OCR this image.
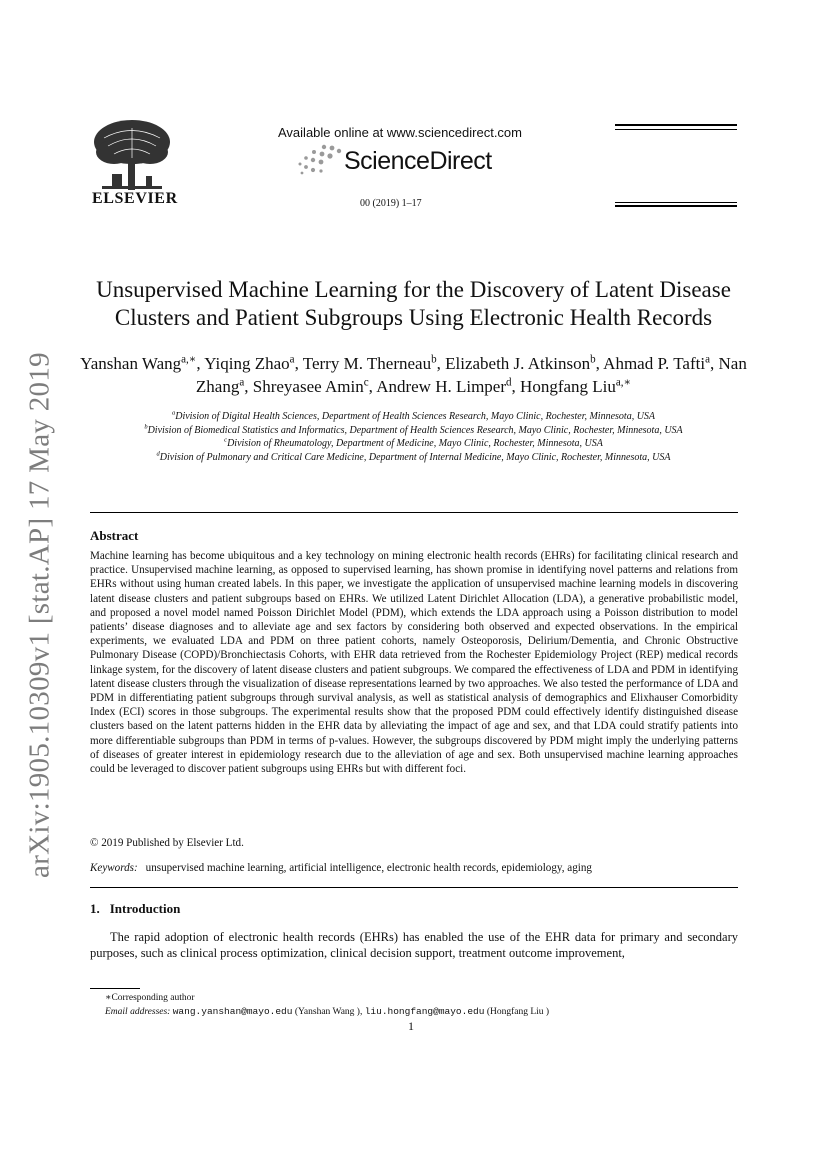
arXiv:1905.10309v1 [stat.AP] 17 May 2019
ELSEVIER
Available online at www.sciencedirect.com
ScienceDirect
00 (2019) 1–17
Unsupervised Machine Learning for the Discovery of Latent Disease Clusters and Patient Subgroups Using Electronic Health Records
Yanshan Wang$^{a,∗}$, Yiqing Zhao$^a$, Terry M. Therneau$^b$, Elizabeth J. Atkinson$^b$, Ahmad P. Tafti$^a$, Nan Zhang$^a$, Shreyasee Amin$^c$, Andrew H. Limper$^d$, Hongfang Liu$^{a,∗}$
$^a$Division of Digital Health Sciences, Department of Health Sciences Research, Mayo Clinic, Rochester, Minnesota, USA
$^b$Division of Biomedical Statistics and Informatics, Department of Health Sciences Research, Mayo Clinic, Rochester, Minnesota, USA
$^c$Division of Rheumatology, Department of Medicine, Mayo Clinic, Rochester, Minnesota, USA
$^d$Division of Pulmonary and Critical Care Medicine, Department of Internal Medicine, Mayo Clinic, Rochester, Minnesota, USA
Abstract
Machine learning has become ubiquitous and a key technology on mining electronic health records (EHRs) for facilitating clinical research and practice. Unsupervised machine learning, as opposed to supervised learning, has shown promise in identifying novel patterns and relations from EHRs without using human created labels. In this paper, we investigate the application of unsupervised machine learning models in discovering latent disease clusters and patient subgroups based on EHRs. We utilized Latent Dirichlet Allocation (LDA), a generative probabilistic model, and proposed a novel model named Poisson Dirichlet Model (PDM), which extends the LDA approach using a Poisson distribution to model patients’ disease diagnoses and to alleviate age and sex factors by considering both observed and expected observations. In the empirical experiments, we evaluated LDA and PDM on three patient cohorts, namely Osteoporosis, Delirium/Dementia, and Chronic Obstructive Pulmonary Disease (COPD)/Bronchiectasis Cohorts, with EHR data retrieved from the Rochester Epidemiology Project (REP) medical records linkage system, for the discovery of latent disease clusters and patient subgroups. We compared the effectiveness of LDA and PDM in identifying latent disease clusters through the visualization of disease representations learned by two approaches. We also tested the performance of LDA and PDM in differentiating patient subgroups through survival analysis, as well as statistical analysis of demographics and Elixhauser Comorbidity Index (ECI) scores in those subgroups. The experimental results show that the proposed PDM could effectively identify distinguished disease clusters based on the latent patterns hidden in the EHR data by alleviating the impact of age and sex, and that LDA could stratify patients into more differentiable subgroups than PDM in terms of p-values. However, the subgroups discovered by PDM might imply the underlying patterns of diseases of greater interest in epidemiology research due to the alleviation of age and sex. Both unsupervised machine learning approaches could be leveraged to discover patient subgroups using EHRs but with different foci.
© 2019 Published by Elsevier Ltd.
Keywords: unsupervised machine learning, artificial intelligence, electronic health records, epidemiology, aging
1. Introduction
The rapid adoption of electronic health records (EHRs) has enabled the use of the EHR data for primary and secondary purposes, such as clinical process optimization, clinical decision support, treatment outcome improvement,
∗Corresponding author
Email addresses: wang.yanshan@mayo.edu (Yanshan Wang ), liu.hongfang@mayo.edu (Hongfang Liu )
1
